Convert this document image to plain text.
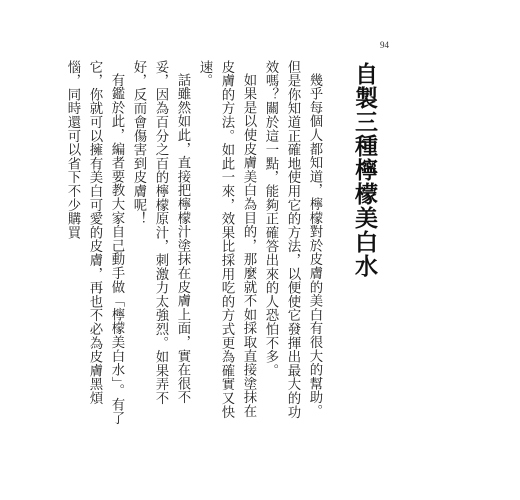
94
自製三種檸檬美白水

幾乎每個人都知道，檸檬對於皮膚的美白有很大的幫助。但是你知道正確地使用它的方法，以便使它發揮出最大的功效嗎？關於這一點，能夠正確答出來的人恐怕不多。

如果是以使皮膚美白為目的，那麼就不如採取直接塗抹在皮膚的方法。如此一來，效果比採用吃的方式更為確實又快速。

話雖然如此，直接把檸檬汁塗抹在皮膚上面，實在很不妥，因為百分之百的檸檬原汁，刺激力太強烈。如果弄不好，反而會傷害到皮膚呢！

有鑑於此，編者要教大家自己動手做「檸檬美白水」。有了它，你就可以擁有美白可愛的皮膚，再也不必為皮膚黑煩惱，同時還可以省下不少購買
